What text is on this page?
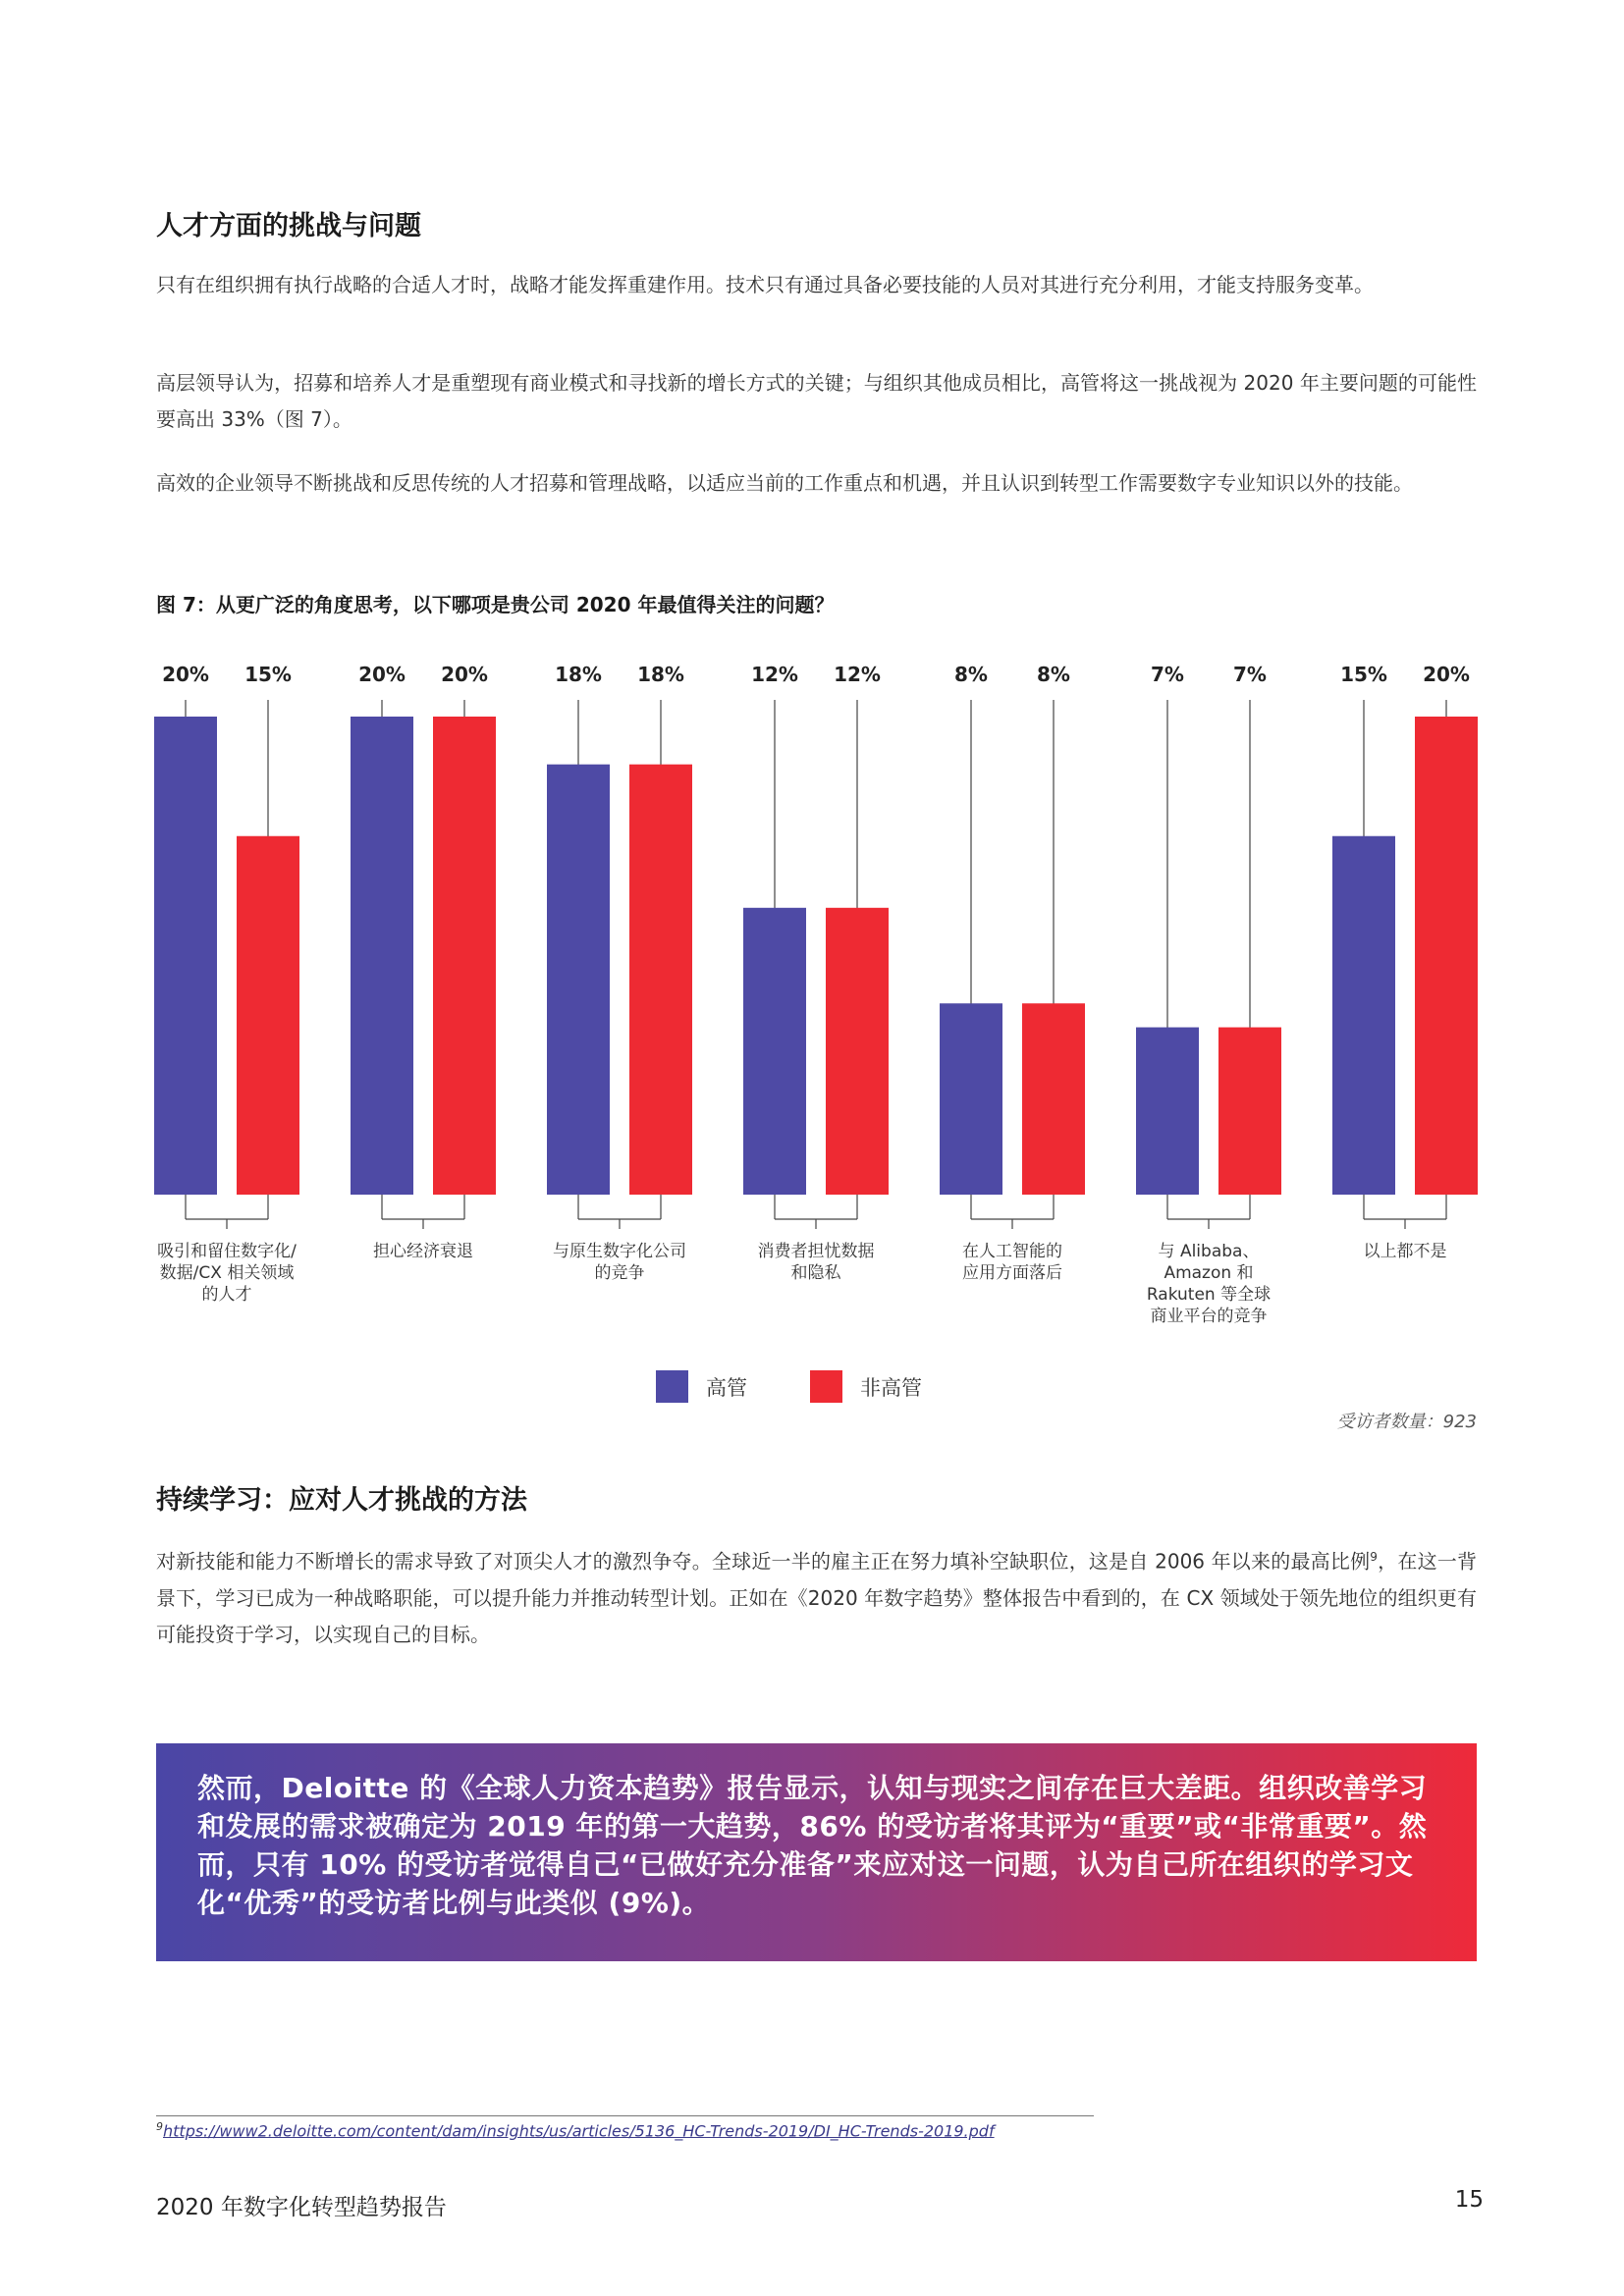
人才方面的挑战与问题

只有在组织拥有执行战略的合适人才时，战略才能发挥重建作用。技术只有通过具备必要技能的人员对其进行充分利用，才能支持服务变革。

高层领导认为，招募和培养人才是重塑现有商业模式和寻找新的增长方式的关键；与组织其他成员相比，高管将这一挑战视为 2020 年主要问题的可能性要高出 33%（图 7）。

高效的企业领导不断挑战和反思传统的人才招募和管理战略，以适应当前的工作重点和机遇，并且认识到转型工作需要数字专业知识以外的技能。

图 7：从更广泛的角度思考，以下哪项是贵公司 2020 年最值得关注的问题？
20% 15%
吸引和留住数字化/
数据/CX 相关领域
的人才
20% 20%
担心经济衰退
18% 18%
与原生数字化公司
的竞争
12% 12%
消费者担忧数据
和隐私
8%	8%
在人工智能的
应用方面落后
7%	7%
与 Alibaba、
Amazon 和
Rakuten 等全球
商业平台的竞争
15% 20%
以上都不是
高管	非高管
受访者数量：923
持续学习：应对人才挑战的方法

对新技能和能力不断增长的需求导致了对顶尖人才的激烈争夺。全球近一半的雇主正在努力填补空缺职位，这是自 2006 年以来的最高比例$^9$，在这一背景下，学习已成为一种战略职能，可以提升能力并推动转型计划。正如在《2020 年数字趋势》整体报告中看到的，在 CX 领域处于领先地位的组织更有可能投资于学习，以实现自己的目标。

然而，Deloitte 的《全球人力资本趋势》报告显示，认知与现实之间存在巨大差距。组织改善学习和发展的需求被确定为 2019 年的第一大趋势，86% 的受访者将其评为“重要”或“非常重要”。然而，只有 10% 的受访者觉得自己“已做好充分准备”来应对这一问题，认为自己所在组织的学习文化“优秀”的受访者比例与此类似 (9%)。

$^9$https://www2.deloitte.com/content/dam/insights/us/articles/5136_HC-Trends-2019/DI_HC-Trends-2019.pdf
2020 年数字化转型趋势报告	15
